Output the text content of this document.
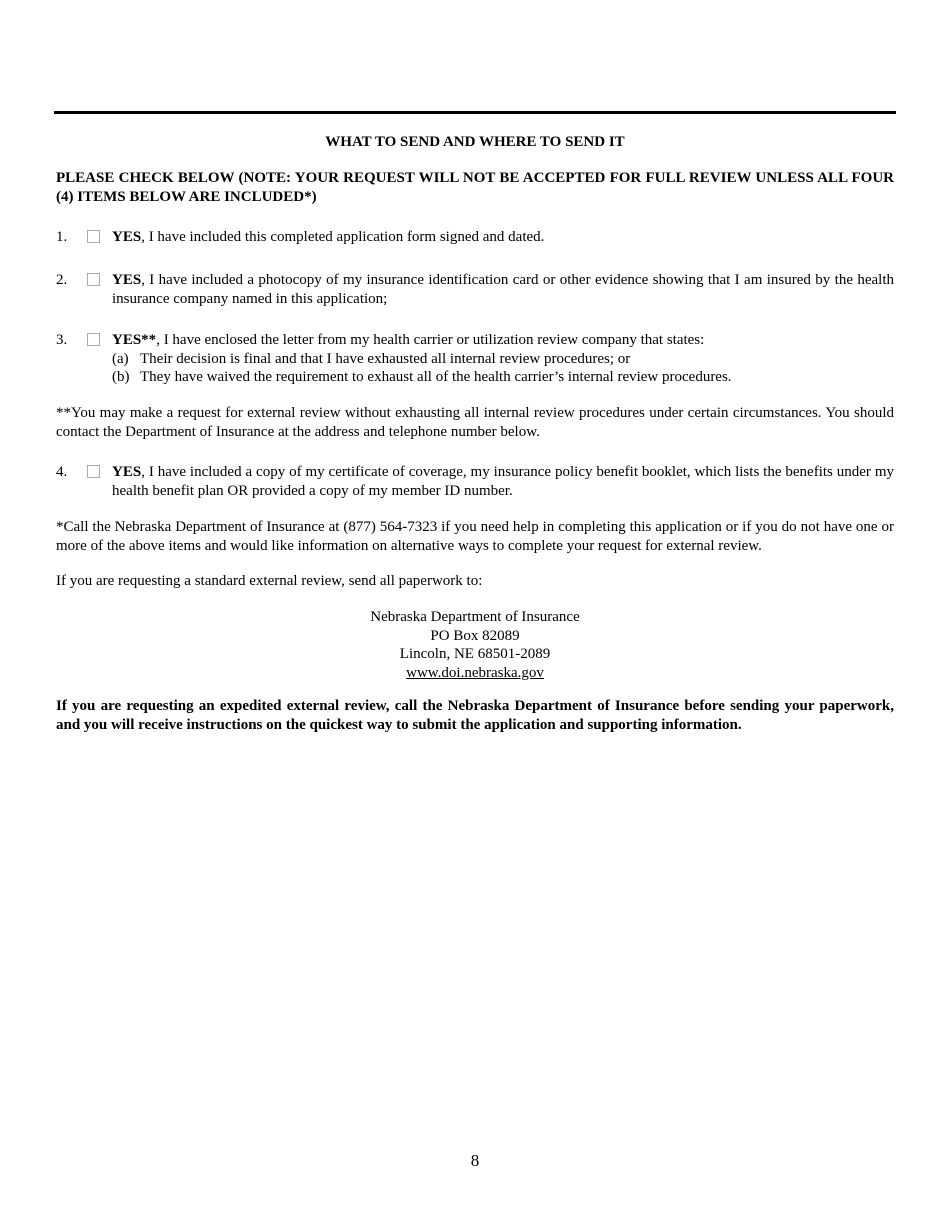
WHAT TO SEND AND WHERE TO SEND IT
PLEASE CHECK BELOW (NOTE: YOUR REQUEST WILL NOT BE ACCEPTED FOR FULL REVIEW UNLESS ALL FOUR (4) ITEMS BELOW ARE INCLUDED*)
1.	YES, I have included this completed application form signed and dated.
2.	YES, I have included a photocopy of my insurance identification card or other evidence showing that I am insured by the health insurance company named in this application;
3.	YES**, I have enclosed the letter from my health carrier or utilization review company that states:
(a) Their decision is final and that I have exhausted all internal review procedures; or
(b) They have waived the requirement to exhaust all of the health carrier’s internal review procedures.
**You may make a request for external review without exhausting all internal review procedures under certain circumstances. You should contact the Department of Insurance at the address and telephone number below.
4.	YES, I have included a copy of my certificate of coverage, my insurance policy benefit booklet, which lists the benefits under my health benefit plan OR provided a copy of my member ID number.
*Call the Nebraska Department of Insurance at (877) 564-7323 if you need help in completing this application or if you do not have one or more of the above items and would like information on alternative ways to complete your request for external review.
If you are requesting a standard external review, send all paperwork to:
Nebraska Department of Insurance
PO Box 82089
Lincoln, NE 68501-2089
www.doi.nebraska.gov
If you are requesting an expedited external review, call the Nebraska Department of Insurance before sending your paperwork, and you will receive instructions on the quickest way to submit the application and supporting information.
8
